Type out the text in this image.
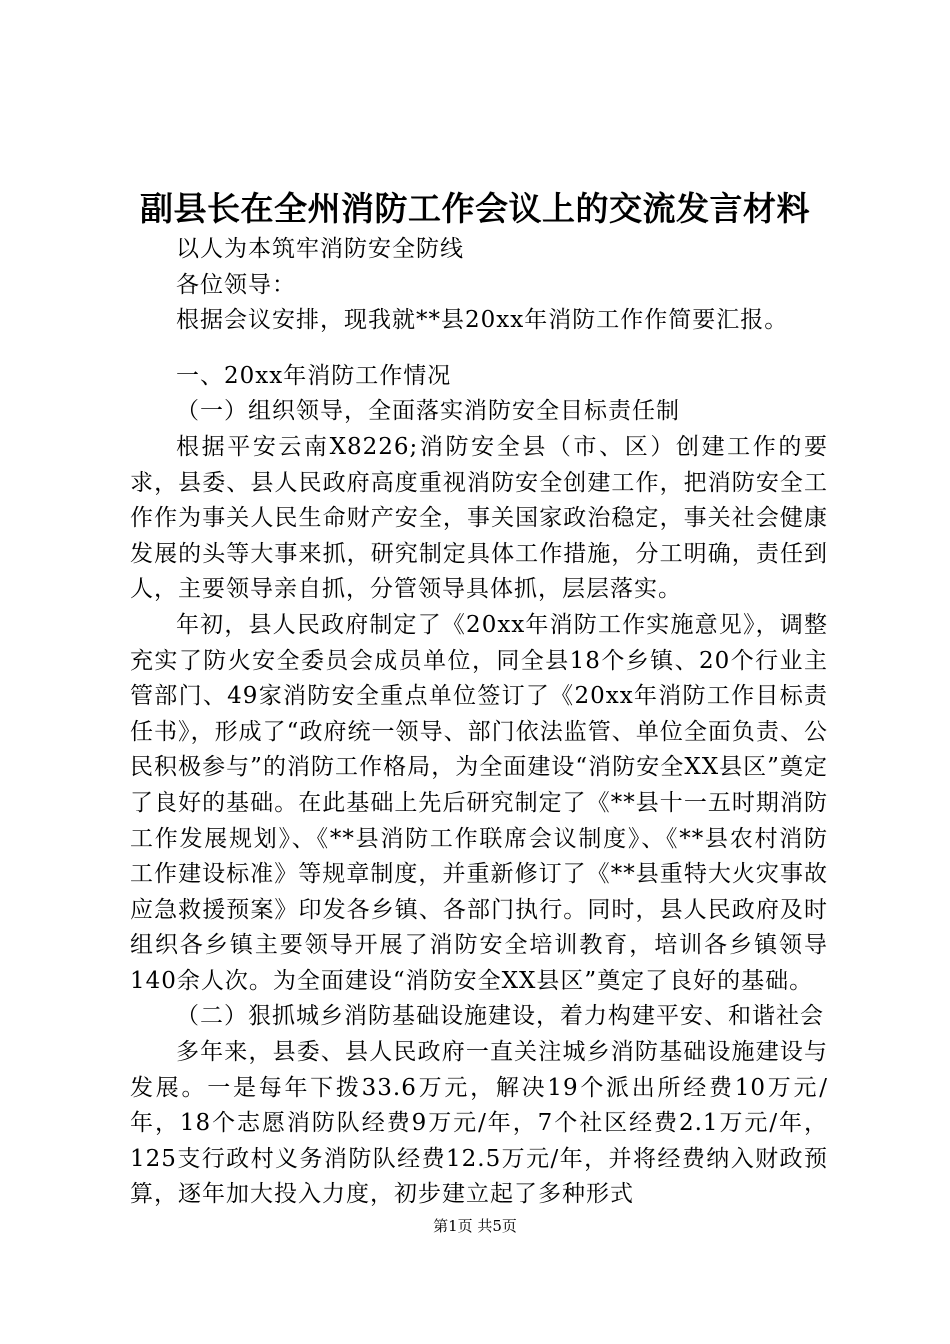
副县长在全州消防工作会议上的交流发言材料

以人为本筑牢消防安全防线

各位领导：

根据会议安排，现我就**县20xx年消防工作作简要汇报。

一、20xx年消防工作情况

（一）组织领导，全面落实消防安全目标责任制

根据平安云南X8226;消防安全县（市、区）创建工作的要求，县委、县人民政府高度重视消防安全创建工作，把消防安全工作作为事关人民生命财产安全，事关国家政治稳定，事关社会健康发展的头等大事来抓，研究制定具体工作措施，分工明确，责任到人，主要领导亲自抓，分管领导具体抓，层层落实。

年初，县人民政府制定了《20xx年消防工作实施意见》，调整充实了防火安全委员会成员单位，同全县18个乡镇、20个行业主管部门、49家消防安全重点单位签订了《20xx年消防工作目标责任书》，形成了“政府统一领导、部门依法监管、单位全面负责、公民积极参与”的消防工作格局，为全面建设“消防安全XX县区”奠定了良好的基础。在此基础上先后研究制定了《**县十一五时期消防工作发展规划》、《**县消防工作联席会议制度》、《**县农村消防工作建设标准》等规章制度，并重新修订了《**县重特大火灾事故应急救援预案》印发各乡镇、各部门执行。同时，县人民政府及时组织各乡镇主要领导开展了消防安全培训教育，培训各乡镇领导140余人次。为全面建设“消防安全XX县区”奠定了良好的基础。

（二）狠抓城乡消防基础设施建设，着力构建平安、和谐社会

多年来，县委、县人民政府一直关注城乡消防基础设施建设与发展。一是每年下拨33.6万元，解决19个派出所经费10万元/年，18个志愿消防队经费9万元/年，7个社区经费2.1万元/年，125支行政村义务消防队经费12.5万元/年，并将经费纳入财政预算，逐年加大投入力度，初步建立起了多种形式

第1页 共5页
